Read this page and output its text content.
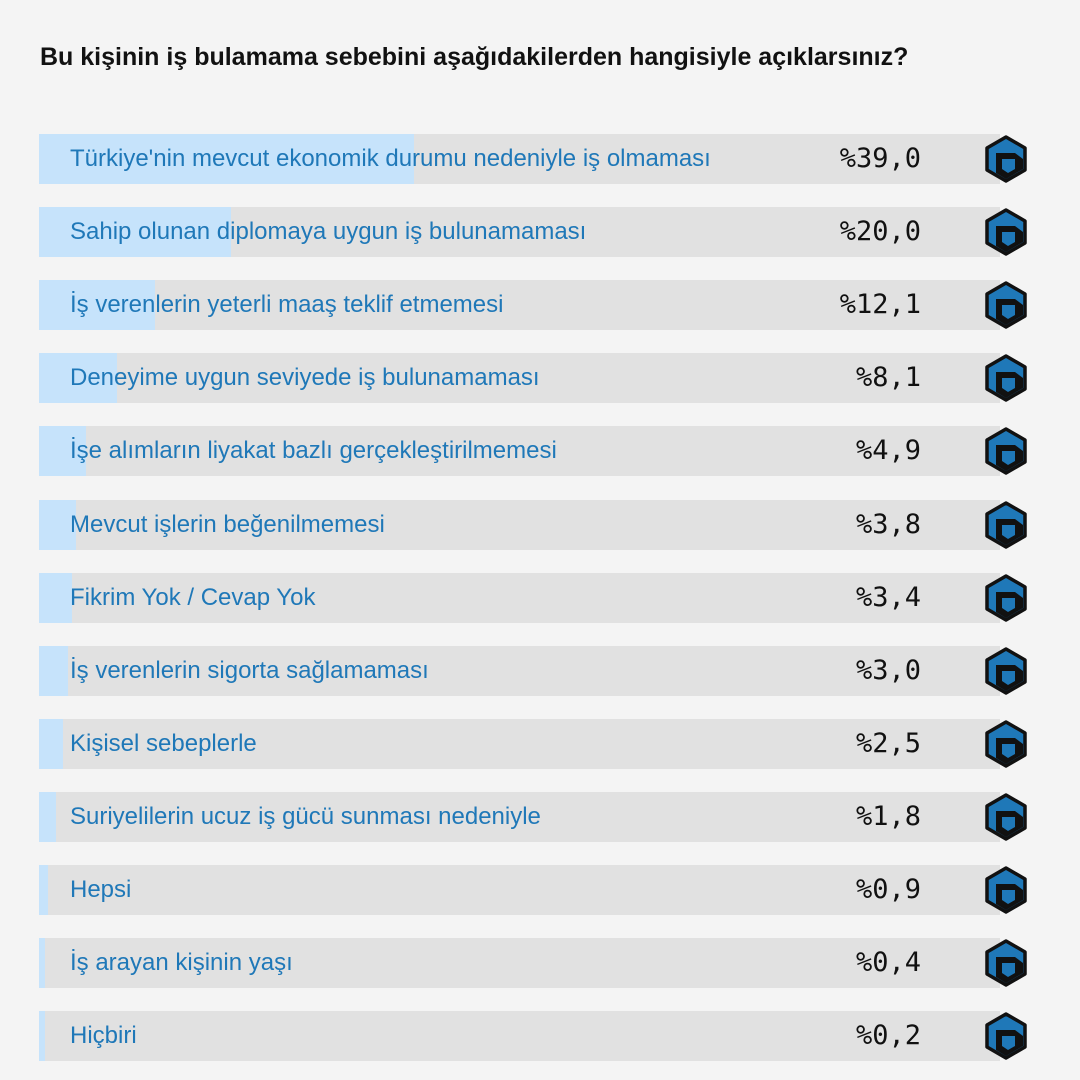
Bu kişinin iş bulamama sebebini aşağıdakilerden hangisiyle açıklarsınız?
Türkiye'nin mevcut ekonomik durumu nedeniyle iş olmaması	%39,0
Sahip olunan diplomaya uygun iş bulunamaması	%20,0
İş verenlerin yeterli maaş teklif etmemesi	%12,1
Deneyime uygun seviyede iş bulunamaması	%8,1
İşe alımların liyakat bazlı gerçekleştirilmemesi	%4,9
Mevcut işlerin beğenilmemesi	%3,8
Fikrim Yok / Cevap Yok	%3,4
İş verenlerin sigorta sağlamaması	%3,0
Kişisel sebeplerle	%2,5
Suriyelilerin ucuz iş gücü sunması nedeniyle	%1,8
Hepsi	%0,9
İş arayan kişinin yaşı	%0,4
Hiçbiri	%0,2
